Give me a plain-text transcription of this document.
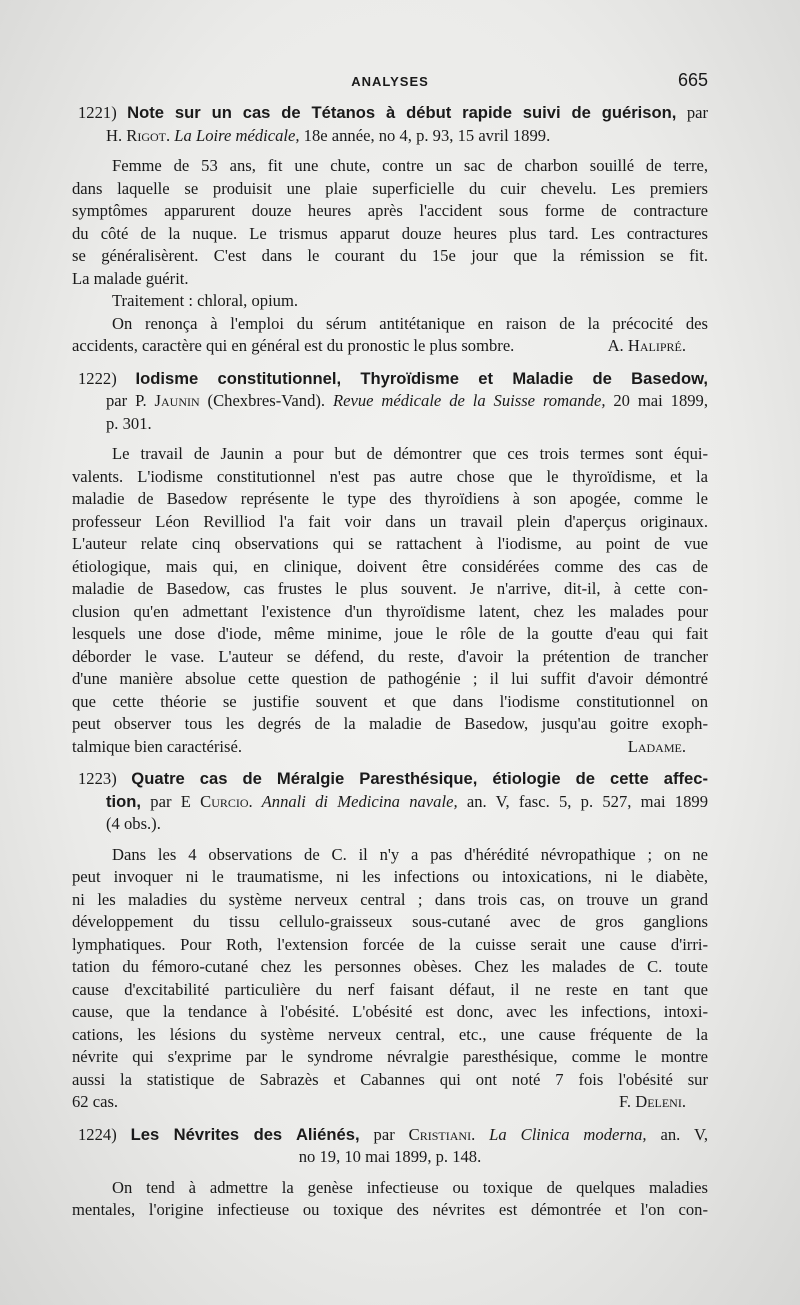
ANALYSES	665
1221) Note sur un cas de Tétanos à début rapide suivi de guérison, par
H. Rigot. La Loire médicale, 18e année, no 4, p. 93, 15 avril 1899.
Femme de 53 ans, fit une chute, contre un sac de charbon souillé de terre,
dans laquelle se produisit une plaie superficielle du cuir chevelu. Les premiers
symptômes apparurent douze heures après l'accident sous forme de contracture
du côté de la nuque. Le trismus apparut douze heures plus tard. Les contractures
se généralisèrent. C'est dans le courant du 15e jour que la rémission se fit.
La malade guérit.
Traitement : chloral, opium.
On renonça à l'emploi du sérum antitétanique en raison de la précocité des
accidents, caractère qui en général est du pronostic le plus sombre.	A. Halipré.
1222) Iodisme constitutionnel, Thyroïdisme et Maladie de Basedow,
par P. Jaunin (Chexbres-Vand). Revue médicale de la Suisse romande, 20 mai 1899,
p. 301.
Le travail de Jaunin a pour but de démontrer que ces trois termes sont équi-
valents. L'iodisme constitutionnel n'est pas autre chose que le thyroïdisme, et la
maladie de Basedow représente le type des thyroïdiens à son apogée, comme le
professeur Léon Revilliod l'a fait voir dans un travail plein d'aperçus originaux.
L'auteur relate cinq observations qui se rattachent à l'iodisme, au point de vue
étiologique, mais qui, en clinique, doivent être considérées comme des cas de
maladie de Basedow, cas frustes le plus souvent. Je n'arrive, dit-il, à cette con-
clusion qu'en admettant l'existence d'un thyroïdisme latent, chez les malades pour
lesquels une dose d'iode, même minime, joue le rôle de la goutte d'eau qui fait
déborder le vase. L'auteur se défend, du reste, d'avoir la prétention de trancher
d'une manière absolue cette question de pathogénie ; il lui suffit d'avoir démontré
que cette théorie se justifie souvent et que dans l'iodisme constitutionnel on
peut observer tous les degrés de la maladie de Basedow, jusqu'au goitre exoph-
talmique bien caractérisé.	Ladame.
1223) Quatre cas de Méralgie Paresthésique, étiologie de cette affec-
tion, par E Curcio. Annali di Medicina navale, an. V, fasc. 5, p. 527, mai 1899
(4 obs.).
Dans les 4 observations de C. il n'y a pas d'hérédité névropathique ; on ne
peut invoquer ni le traumatisme, ni les infections ou intoxications, ni le diabète,
ni les maladies du système nerveux central ; dans trois cas, on trouve un grand
développement du tissu cellulo-graisseux sous-cutané avec de gros ganglions
lymphatiques. Pour Roth, l'extension forcée de la cuisse serait une cause d'irri-
tation du fémoro-cutané chez les personnes obèses. Chez les malades de C. toute
cause d'excitabilité particulière du nerf faisant défaut, il ne reste en tant que
cause, que la tendance à l'obésité. L'obésité est donc, avec les infections, intoxi-
cations, les lésions du système nerveux central, etc., une cause fréquente de la
névrite qui s'exprime par le syndrome névralgie paresthésique, comme le montre
aussi la statistique de Sabrazès et Cabannes qui ont noté 7 fois l'obésité sur
62 cas.	F. Deleni.
1224) Les Névrites des Aliénés, par Cristiani. La Clinica moderna, an. V,
no 19, 10 mai 1899, p. 148.
On tend à admettre la genèse infectieuse ou toxique de quelques maladies
mentales, l'origine infectieuse ou toxique des névrites est démontrée et l'on con-
